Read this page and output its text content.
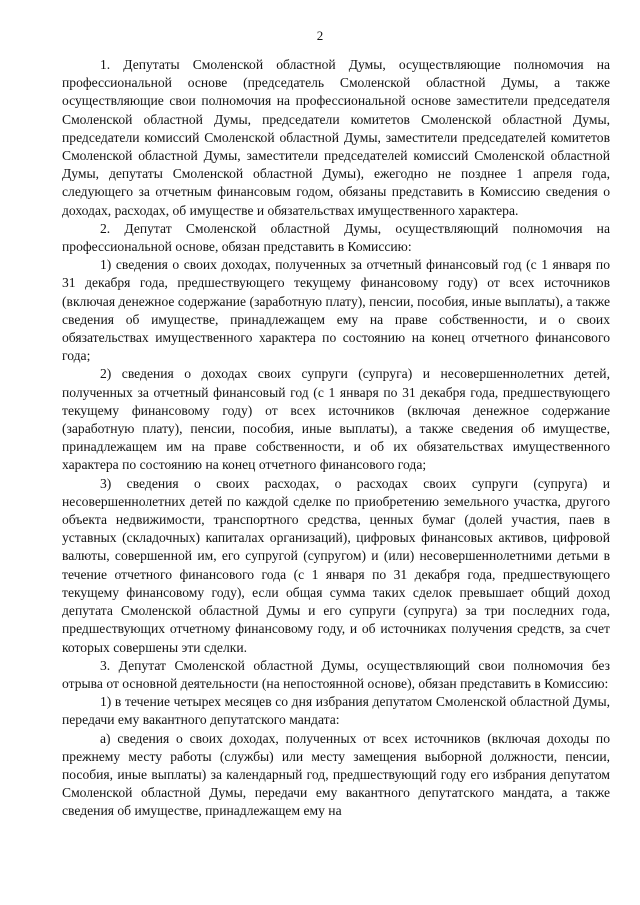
2

1. Депутаты Смоленской областной Думы, осуществляющие полномочия на профессиональной основе (председатель Смоленской областной Думы, а также осуществляющие свои полномочия на профессиональной основе заместители председателя Смоленской областной Думы, председатели комитетов Смоленской областной Думы, председатели комиссий Смоленской областной Думы, заместители председателей комитетов Смоленской областной Думы, заместители председателей комиссий Смоленской областной Думы, депутаты Смоленской областной Думы), ежегодно не позднее 1 апреля года, следующего за отчетным финансовым годом, обязаны представить в Комиссию сведения о доходах, расходах, об имуществе и обязательствах имущественного характера.

2. Депутат Смоленской областной Думы, осуществляющий полномочия на профессиональной основе, обязан представить в Комиссию:

1) сведения о своих доходах, полученных за отчетный финансовый год (с 1 января по 31 декабря года, предшествующего текущему финансовому году) от всех источников (включая денежное содержание (заработную плату), пенсии, пособия, иные выплаты), а также сведения об имуществе, принадлежащем ему на праве собственности, и о своих обязательствах имущественного характера по состоянию на конец отчетного финансового года;

2) сведения о доходах своих супруги (супруга) и несовершеннолетних детей, полученных за отчетный финансовый год (с 1 января по 31 декабря года, предшествующего текущему финансовому году) от всех источников (включая денежное содержание (заработную плату), пенсии, пособия, иные выплаты), а также сведения об имуществе, принадлежащем им на праве собственности, и об их обязательствах имущественного характера по состоянию на конец отчетного финансового года;

3) сведения о своих расходах, о расходах своих супруги (супруга) и несовершеннолетних детей по каждой сделке по приобретению земельного участка, другого объекта недвижимости, транспортного средства, ценных бумаг (долей участия, паев в уставных (складочных) капиталах организаций), цифровых финансовых активов, цифровой валюты, совершенной им, его супругой (супругом) и (или) несовершеннолетними детьми в течение отчетного финансового года (с 1 января по 31 декабря года, предшествующего текущему финансовому году), если общая сумма таких сделок превышает общий доход депутата Смоленской областной Думы и его супруги (супруга) за три последних года, предшествующих отчетному финансовому году, и об источниках получения средств, за счет которых совершены эти сделки.

3. Депутат Смоленской областной Думы, осуществляющий свои полномочия без отрыва от основной деятельности (на непостоянной основе), обязан представить в Комиссию:

1) в течение четырех месяцев со дня избрания депутатом Смоленской областной Думы, передачи ему вакантного депутатского мандата:

а) сведения о своих доходах, полученных от всех источников (включая доходы по прежнему месту работы (службы) или месту замещения выборной должности, пенсии, пособия, иные выплаты) за календарный год, предшествующий году его избрания депутатом Смоленской областной Думы, передачи ему вакантного депутатского мандата, а также сведения об имуществе, принадлежащем ему на
